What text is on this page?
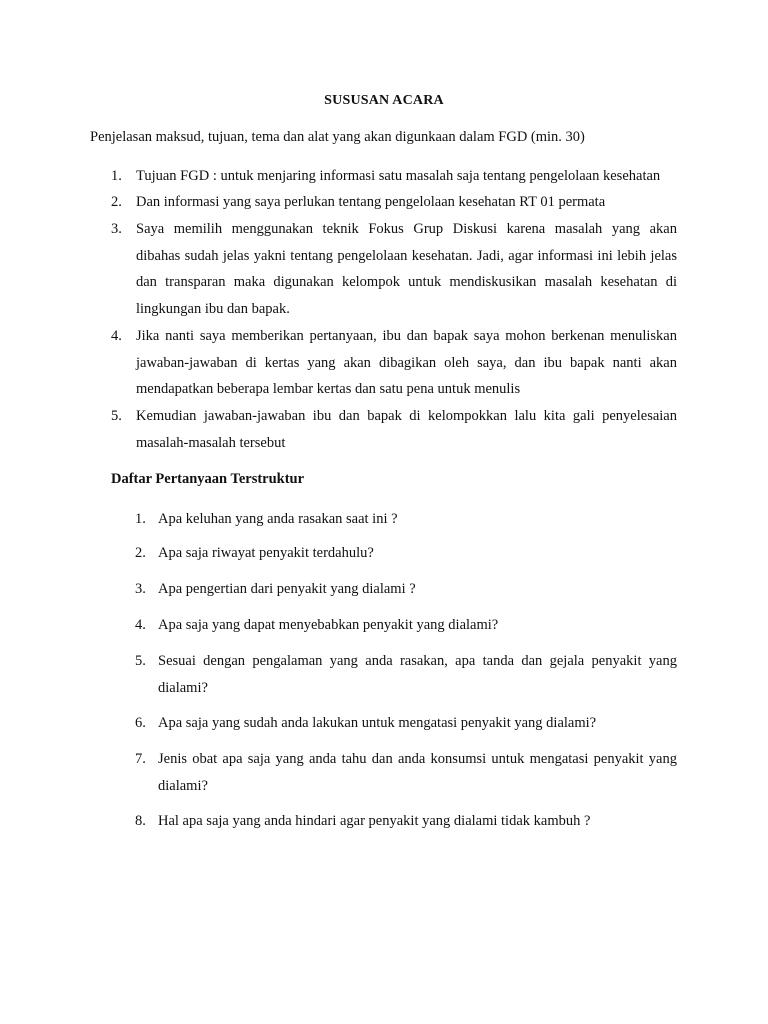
SUSUSAN ACARA
Penjelasan maksud, tujuan, tema dan alat yang akan digunkaan dalam FGD (min. 30)
1. Tujuan FGD : untuk menjaring informasi satu masalah saja tentang pengelolaan kesehatan
2. Dan informasi yang saya perlukan tentang pengelolaan kesehatan RT 01 permata
3. Saya memilih menggunakan teknik Fokus Grup Diskusi karena masalah yang akan
dibahas sudah jelas yakni tentang pengelolaan kesehatan. Jadi, agar informasi ini lebih jelas
dan transparan maka digunakan kelompok untuk mendiskusikan masalah kesehatan di
lingkungan ibu dan bapak.
4. Jika nanti saya memberikan pertanyaan, ibu dan bapak saya mohon berkenan menuliskan
jawaban-jawaban di kertas yang akan dibagikan oleh saya, dan ibu bapak nanti akan
mendapatkan beberapa lembar kertas dan satu pena untuk menulis
5. Kemudian jawaban-jawaban ibu dan bapak di kelompokkan lalu kita gali penyelesaian
masalah-masalah tersebut
Daftar Pertanyaan Terstruktur
1. Apa keluhan yang anda rasakan saat ini ?
2. Apa saja riwayat penyakit terdahulu?
3. Apa pengertian dari penyakit yang dialami ?
4. Apa saja yang dapat menyebabkan penyakit yang dialami?
5. Sesuai dengan pengalaman yang anda rasakan, apa tanda dan gejala penyakit yang
dialami?
6. Apa saja yang sudah anda lakukan untuk mengatasi penyakit yang dialami?
7. Jenis obat apa saja yang anda tahu dan anda konsumsi untuk mengatasi penyakit yang
dialami?
8. Hal apa saja yang anda hindari agar penyakit yang dialami tidak kambuh ?
